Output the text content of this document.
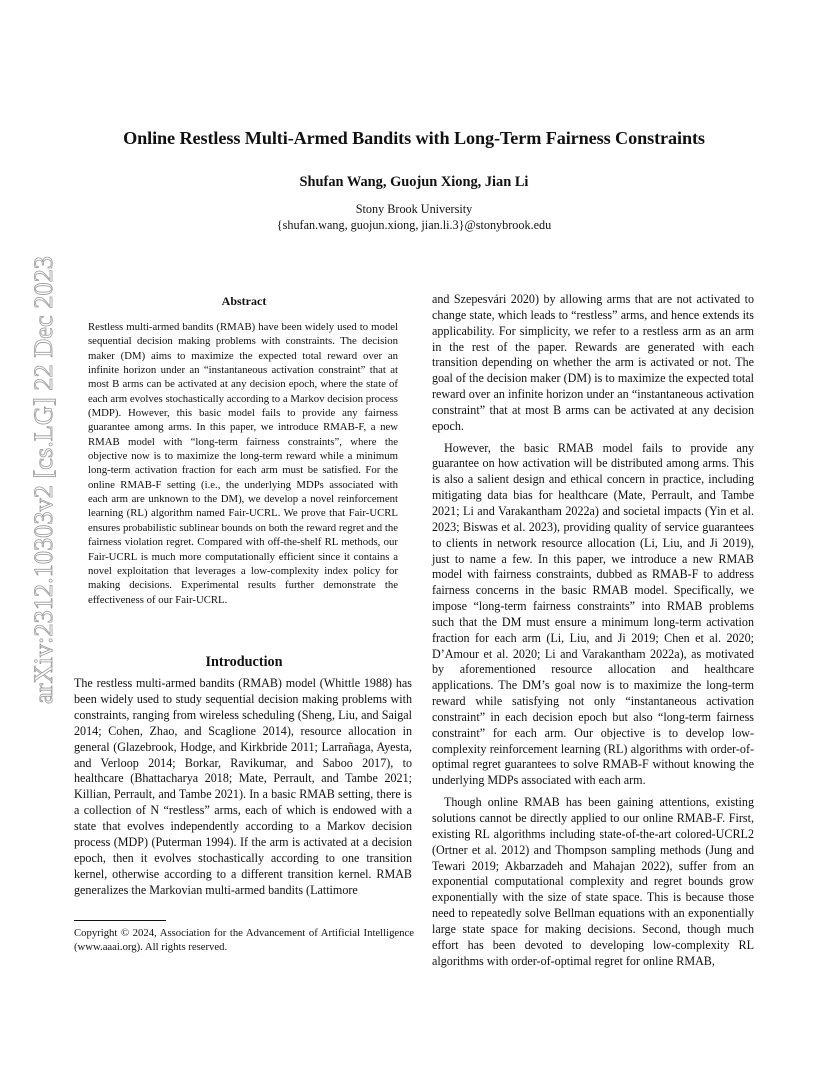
arXiv:2312.10303v2 [cs.LG] 22 Dec 2023
Online Restless Multi-Armed Bandits with Long-Term Fairness Constraints
Shufan Wang, Guojun Xiong, Jian Li
Stony Brook University
{shufan.wang, guojun.xiong, jian.li.3}@stonybrook.edu
Abstract
Restless multi-armed bandits (RMAB) have been widely used to model sequential decision making problems with constraints. The decision maker (DM) aims to maximize the expected total reward over an infinite horizon under an “instantaneous activation constraint” that at most B arms can be activated at any decision epoch, where the state of each arm evolves stochastically according to a Markov decision process (MDP). However, this basic model fails to provide any fairness guarantee among arms. In this paper, we introduce RMAB-F, a new RMAB model with “long-term fairness constraints”, where the objective now is to maximize the long-term reward while a minimum long-term activation fraction for each arm must be satisfied. For the online RMAB-F setting (i.e., the underlying MDPs associated with each arm are unknown to the DM), we develop a novel reinforcement learning (RL) algorithm named Fair-UCRL. We prove that Fair-UCRL ensures probabilistic sublinear bounds on both the reward regret and the fairness violation regret. Compared with off-the-shelf RL methods, our Fair-UCRL is much more computationally efficient since it contains a novel exploitation that leverages a low-complexity index policy for making decisions. Experimental results further demonstrate the effectiveness of our Fair-UCRL.
Introduction
The restless multi-armed bandits (RMAB) model (Whittle 1988) has been widely used to study sequential decision making problems with constraints, ranging from wireless scheduling (Sheng, Liu, and Saigal 2014; Cohen, Zhao, and Scaglione 2014), resource allocation in general (Glazebrook, Hodge, and Kirkbride 2011; Larrañaga, Ayesta, and Verloop 2014; Borkar, Ravikumar, and Saboo 2017), to healthcare (Bhattacharya 2018; Mate, Perrault, and Tambe 2021; Killian, Perrault, and Tambe 2021). In a basic RMAB setting, there is a collection of N “restless” arms, each of which is endowed with a state that evolves independently according to a Markov decision process (MDP) (Puterman 1994). If the arm is activated at a decision epoch, then it evolves stochastically according to one transition kernel, otherwise according to a different transition kernel. RMAB generalizes the Markovian multi-armed bandits (Lattimore
Copyright © 2024, Association for the Advancement of Artificial Intelligence (www.aaai.org). All rights reserved.

and Szepesvári 2020) by allowing arms that are not activated to change state, which leads to “restless” arms, and hence extends its applicability. For simplicity, we refer to a restless arm as an arm in the rest of the paper. Rewards are generated with each transition depending on whether the arm is activated or not. The goal of the decision maker (DM) is to maximize the expected total reward over an infinite horizon under an “instantaneous activation constraint” that at most B arms can be activated at any decision epoch.

However, the basic RMAB model fails to provide any guarantee on how activation will be distributed among arms. This is also a salient design and ethical concern in practice, including mitigating data bias for healthcare (Mate, Perrault, and Tambe 2021; Li and Varakantham 2022a) and societal impacts (Yin et al. 2023; Biswas et al. 2023), providing quality of service guarantees to clients in network resource allocation (Li, Liu, and Ji 2019), just to name a few. In this paper, we introduce a new RMAB model with fairness constraints, dubbed as RMAB-F to address fairness concerns in the basic RMAB model. Specifically, we impose “long-term fairness constraints” into RMAB problems such that the DM must ensure a minimum long-term activation fraction for each arm (Li, Liu, and Ji 2019; Chen et al. 2020; D’Amour et al. 2020; Li and Varakantham 2022a), as motivated by aforementioned resource allocation and healthcare applications. The DM’s goal now is to maximize the long-term reward while satisfying not only “instantaneous activation constraint” in each decision epoch but also “long-term fairness constraint” for each arm. Our objective is to develop low-complexity reinforcement learning (RL) algorithms with order-of-optimal regret guarantees to solve RMAB-F without knowing the underlying MDPs associated with each arm.

Though online RMAB has been gaining attentions, existing solutions cannot be directly applied to our online RMAB-F. First, existing RL algorithms including state-of-the-art colored-UCRL2 (Ortner et al. 2012) and Thompson sampling methods (Jung and Tewari 2019; Akbarzadeh and Mahajan 2022), suffer from an exponential computational complexity and regret bounds grow exponentially with the size of state space. This is because those need to repeatedly solve Bellman equations with an exponentially large state space for making decisions. Second, though much effort has been devoted to developing low-complexity RL algorithms with order-of-optimal regret for online RMAB,
